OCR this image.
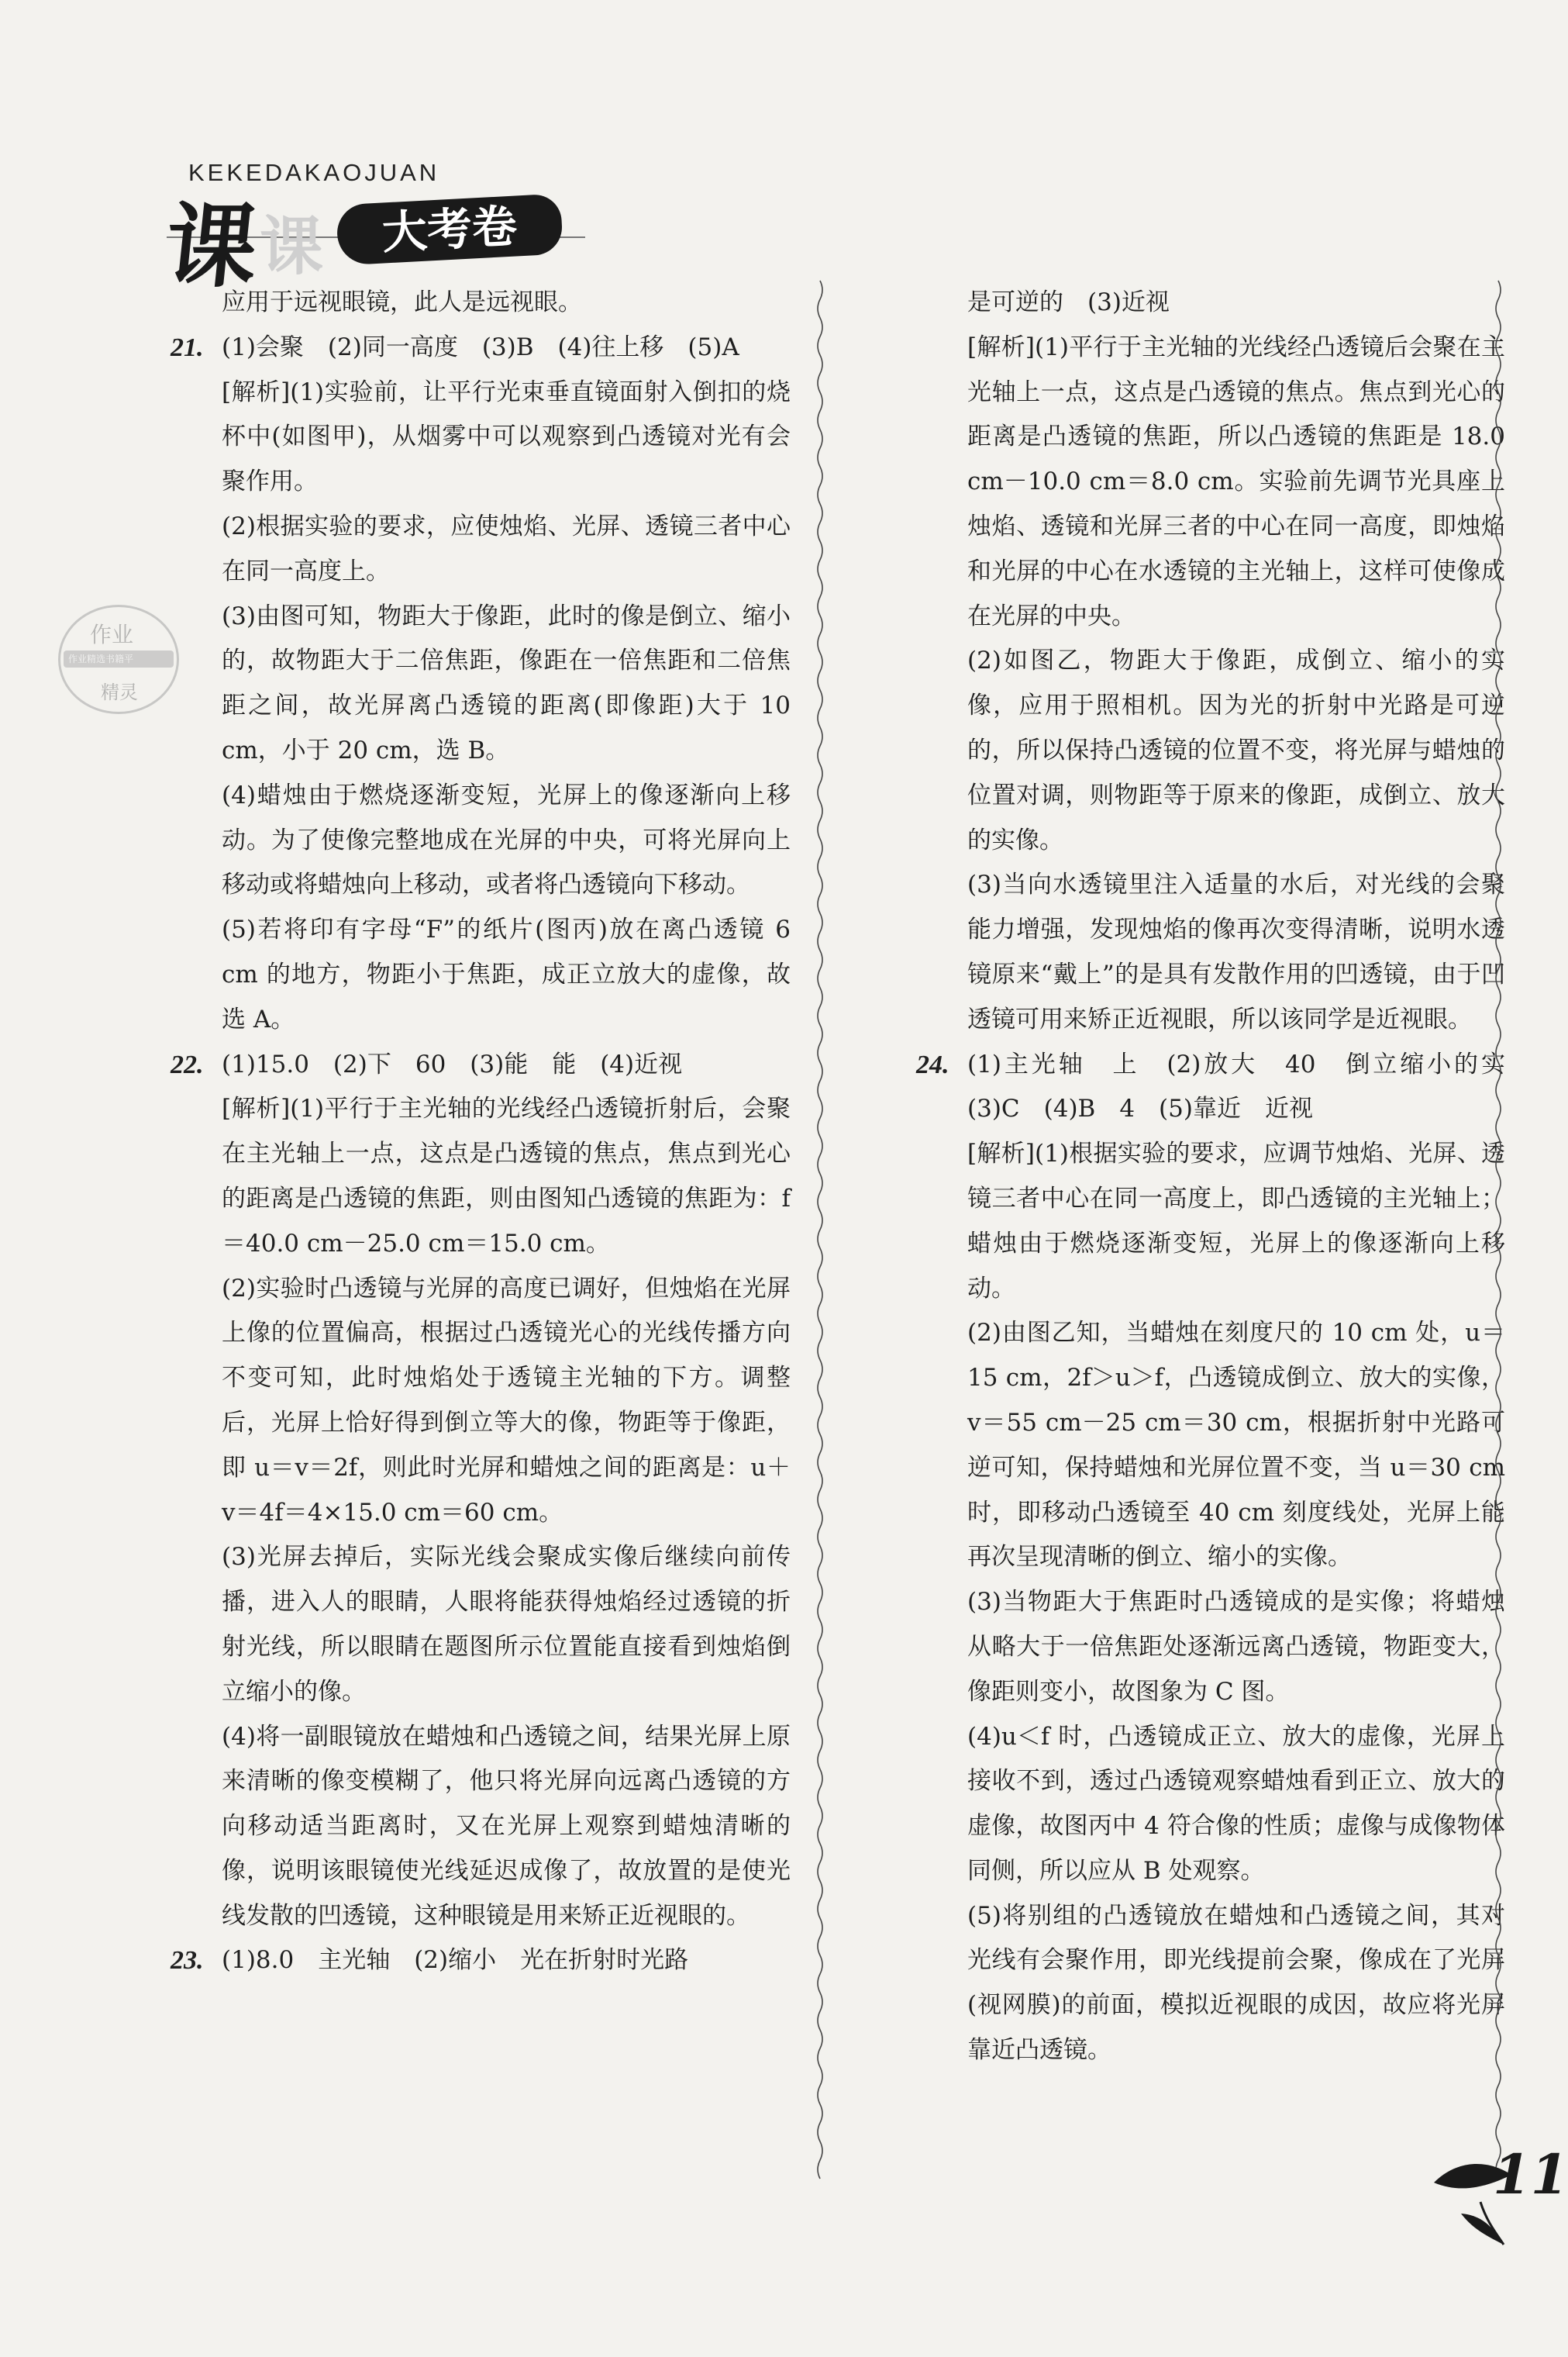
KEKEDAKAOJUAN
课
课	大考卷
作业
作业精选书籍平
精灵
应用于远视眼镜，此人是远视眼。
21. (1)会聚　(2)同一高度　(3)B　(4)往上移　(5)A
[解析](1)实验前，让平行光束垂直镜面射入倒扣的烧杯中(如图甲)，从烟雾中可以观察到凸透镜对光有会聚作用。
(2)根据实验的要求，应使烛焰、光屏、透镜三者中心在同一高度上。
(3)由图可知，物距大于像距，此时的像是倒立、缩小的，故物距大于二倍焦距，像距在一倍焦距和二倍焦距之间，故光屏离凸透镜的距离(即像距)大于 10 cm，小于 20 cm，选 B。
(4)蜡烛由于燃烧逐渐变短，光屏上的像逐渐向上移动。为了使像完整地成在光屏的中央，可将光屏向上移动或将蜡烛向上移动，或者将凸透镜向下移动。
(5)若将印有字母“F”的纸片(图丙)放在离凸透镜 6 cm 的地方，物距小于焦距，成正立放大的虚像，故选 A。
22. (1)15.0　(2)下　60　(3)能　能　(4)近视
[解析](1)平行于主光轴的光线经凸透镜折射后，会聚在主光轴上一点，这点是凸透镜的焦点，焦点到光心的距离是凸透镜的焦距，则由图知凸透镜的焦距为：f＝40.0 cm－25.0 cm＝15.0 cm。
(2)实验时凸透镜与光屏的高度已调好，但烛焰在光屏上像的位置偏高，根据过凸透镜光心的光线传播方向不变可知，此时烛焰处于透镜主光轴的下方。调整后，光屏上恰好得到倒立等大的像，物距等于像距，即 u＝v＝2f，则此时光屏和蜡烛之间的距离是：u＋v＝4f＝4×15.0 cm＝60 cm。
(3)光屏去掉后，实际光线会聚成实像后继续向前传播，进入人的眼睛，人眼将能获得烛焰经过透镜的折射光线，所以眼睛在题图所示位置能直接看到烛焰倒立缩小的像。
(4)将一副眼镜放在蜡烛和凸透镜之间，结果光屏上原来清晰的像变模糊了，他只将光屏向远离凸透镜的方向移动适当距离时，又在光屏上观察到蜡烛清晰的像，说明该眼镜使光线延迟成像了，故放置的是使光线发散的凹透镜，这种眼镜是用来矫正近视眼的。
23. (1)8.0　主光轴　(2)缩小　光在折射时光路
是可逆的　(3)近视
[解析](1)平行于主光轴的光线经凸透镜后会聚在主光轴上一点，这点是凸透镜的焦点。焦点到光心的距离是凸透镜的焦距，所以凸透镜的焦距是 18.0 cm－10.0 cm＝8.0 cm。实验前先调节光具座上烛焰、透镜和光屏三者的中心在同一高度，即烛焰和光屏的中心在水透镜的主光轴上，这样可使像成在光屏的中央。
(2)如图乙，物距大于像距，成倒立、缩小的实像，应用于照相机。因为光的折射中光路是可逆的，所以保持凸透镜的位置不变，将光屏与蜡烛的位置对调，则物距等于原来的像距，成倒立、放大的实像。
(3)当向水透镜里注入适量的水后，对光线的会聚能力增强，发现烛焰的像再次变得清晰，说明水透镜原来“戴上”的是具有发散作用的凹透镜，由于凹透镜可用来矫正近视眼，所以该同学是近视眼。
24. (1)主光轴　上　(2)放大　40　倒立缩小的实　(3)C　(4)B　4　(5)靠近　近视
[解析](1)根据实验的要求，应调节烛焰、光屏、透镜三者中心在同一高度上，即凸透镜的主光轴上；蜡烛由于燃烧逐渐变短，光屏上的像逐渐向上移动。
(2)由图乙知，当蜡烛在刻度尺的 10 cm 处，u＝15 cm，2f＞u＞f，凸透镜成倒立、放大的实像，v＝55 cm－25 cm＝30 cm，根据折射中光路可逆可知，保持蜡烛和光屏位置不变，当 u＝30 cm 时，即移动凸透镜至 40 cm 刻度线处，光屏上能再次呈现清晰的倒立、缩小的实像。
(3)当物距大于焦距时凸透镜成的是实像；将蜡烛从略大于一倍焦距处逐渐远离凸透镜，物距变大，像距则变小，故图象为 C 图。
(4)u＜f 时，凸透镜成正立、放大的虚像，光屏上接收不到，透过凸透镜观察蜡烛看到正立、放大的虚像，故图丙中 4 符合像的性质；虚像与成像物体同侧，所以应从 B 处观察。
(5)将别组的凸透镜放在蜡烛和凸透镜之间，其对光线有会聚作用，即光线提前会聚，像成在了光屏(视网膜)的前面，模拟近视眼的成因，故应将光屏靠近凸透镜。
11
